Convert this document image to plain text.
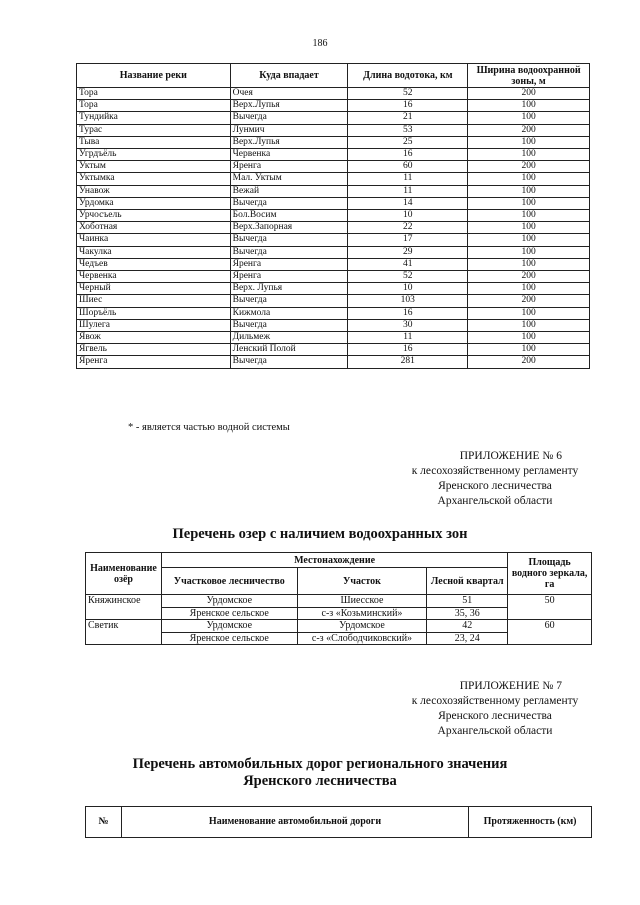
186
Название реки	Куда впадает	Длина водотока, км	Ширина водоохранной зоны, м
Тора	Очея	52	200
Тора	Верх.Лупья	16	100
Тундийка	Вычегда	21	100
Турас	Лунмич	53	200
Тыва	Верх.Лупья	25	100
Угрдъёль	Червенка	16	100
Уктым	Яренга	60	200
Уктымка	Мал. Уктым	11	100
Унавож	Вежай	11	100
Урдомка	Вычегда	14	100
Урчосъель	Бол.Восим	10	100
Хоботная	Верх.Запорная	22	100
Чаинка	Вычегда	17	100
Чакулка	Вычегда	29	100
Чедъев	Яренга	41	100
Червенка	Яренга	52	200
Черный	Верх. Лупья	10	100
Шиес	Вычегда	103	200
Шоръёль	Кижмола	16	100
Шулега	Вычегда	30	100
Явож	Дильмеж	11	100
Ягвель	Ленский Полой	16	100
Яренга	Вычегда	281	200
* - является частью водной системы
ПРИЛОЖЕНИЕ № 6
к лесохозяйственному регламенту
Яренского лесничества
Архангельской области
Перечень озер с наличием водоохранных зон
Наименование озёр	Местонахождение			Площадь водного зеркала, га
	Участковое лесничество	Участок	Лесной квартал	
Княжинское	Урдомское	Шиесское	51	50
	Яренское сельское	с-з «Козьминский»	35, 36	
Светик	Урдомское	Урдомское	42	60
	Яренское сельское	с-з «Слободчиковский»	23, 24	
ПРИЛОЖЕНИЕ № 7
к лесохозяйственному регламенту
Яренского лесничества
Архангельской области
Перечень автомобильных дорог регионального значения
Яренского лесничества
№	Наименование автомобильной дороги	Протяженность (км)
